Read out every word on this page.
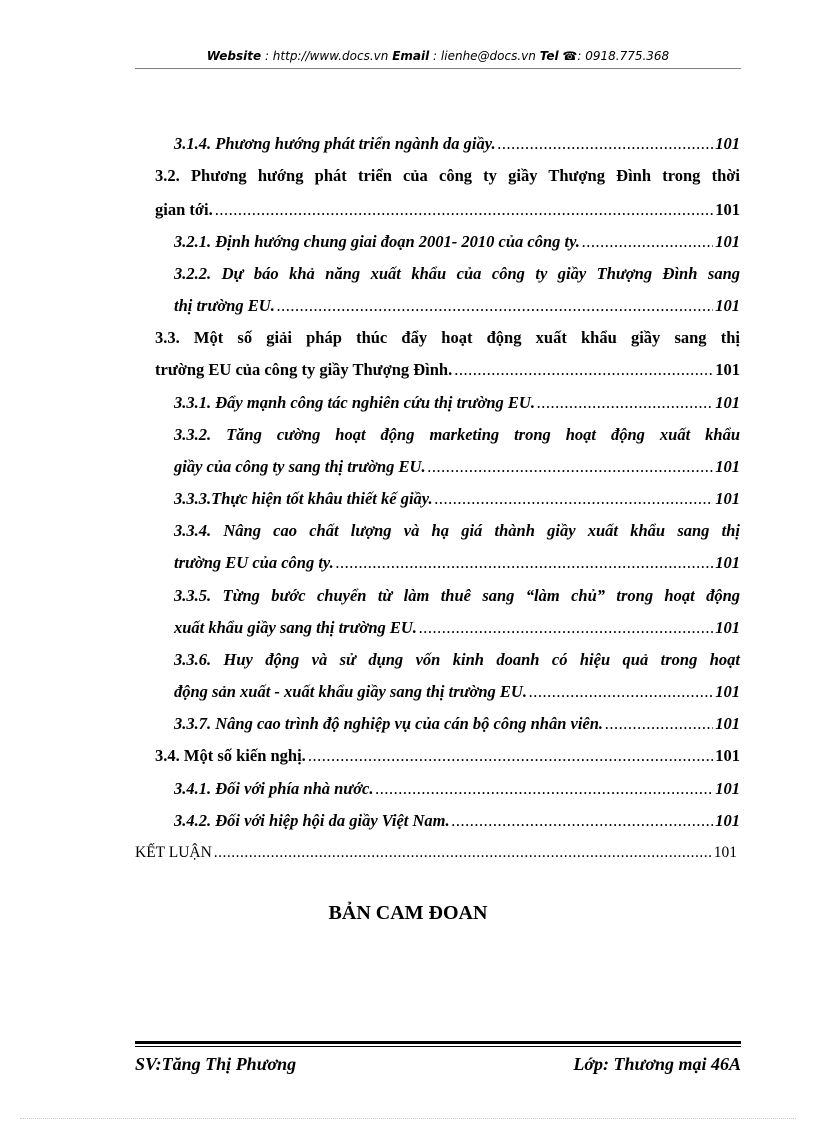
Website : http://www.docs.vn Email : lienhe@docs.vn Tel ☎: 0918.775.368
3.1.4. Phương hướng phát triển ngành da giầy. .....	101
3.2. Phương hướng phát triển của công ty giầy Thượng Đình trong thời
gian tới. .....	101
3.2.1. Định hướng chung giai đoạn 2001- 2010 của công ty. .....	101
3.2.2. Dự báo khả năng xuất khẩu của công ty giầy Thượng Đình sang
thị trường EU. .....	101
3.3. Một số giải pháp thúc đẩy hoạt động xuất khẩu giầy sang thị
trường EU của công ty giầy Thượng Đình. .....	101
3.3.1. Đẩy mạnh công tác nghiên cứu thị trường EU. .....	101
3.3.2. Tăng cường hoạt động marketing trong hoạt động xuất khẩu
giầy của công ty sang thị trường EU. .....	101
3.3.3.Thực hiện tốt khâu thiết kế giầy. .....	101
3.3.4. Nâng cao chất lượng và hạ giá thành giầy xuất khẩu sang thị
trường EU của công ty. .....	101
3.3.5. Từng bước chuyển từ làm thuê sang “làm chủ” trong hoạt động
xuất khẩu giầy sang thị trường EU. .....	101
3.3.6. Huy động và sử dụng vốn kinh doanh có hiệu quả trong hoạt
động sản xuất - xuất khẩu giầy sang thị trường EU. .....	101
3.3.7. Nâng cao trình độ nghiệp vụ của cán bộ công nhân viên. .....	101
3.4. Một số kiến nghị. .....	101
3.4.1. Đối với phía nhà nước. .....	101
3.4.2. Đối với hiệp hội da giầy Việt Nam. .....	101
KẾT LUẬN .....	101
BẢN CAM ĐOAN
SV:Tăng Thị Phương	Lớp: Thương mại 46A
